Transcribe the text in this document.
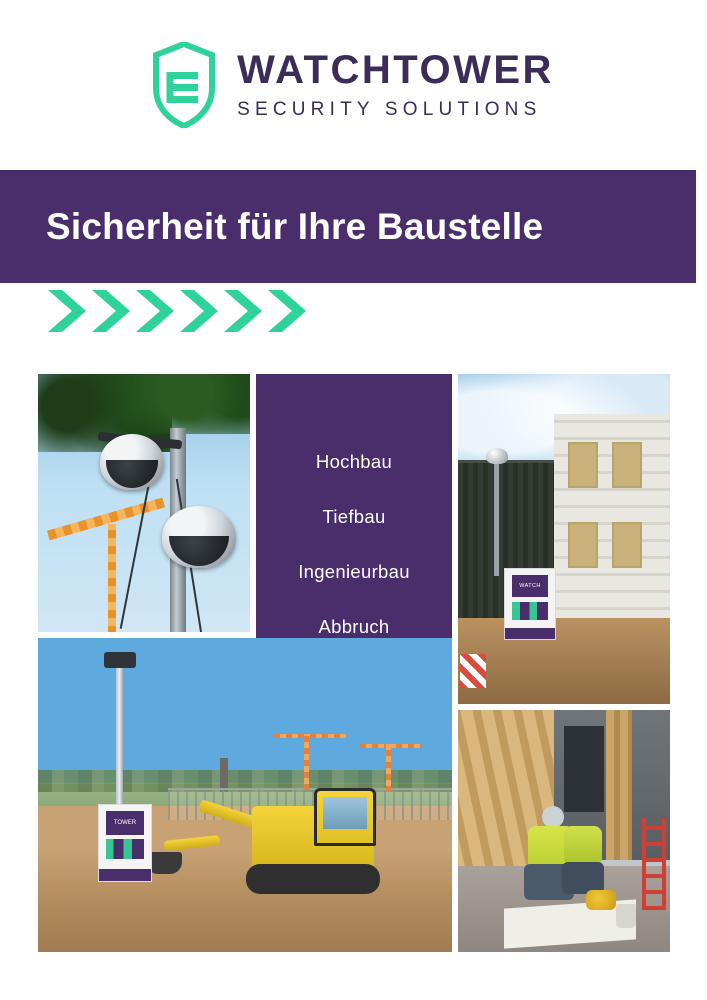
WATCHTOWER
SECURITY SOLUTIONS
Sicherheit für Ihre Baustelle
Hochbau
Tiefbau
Ingenieurbau
Abbruch
WATCH
TOWER
